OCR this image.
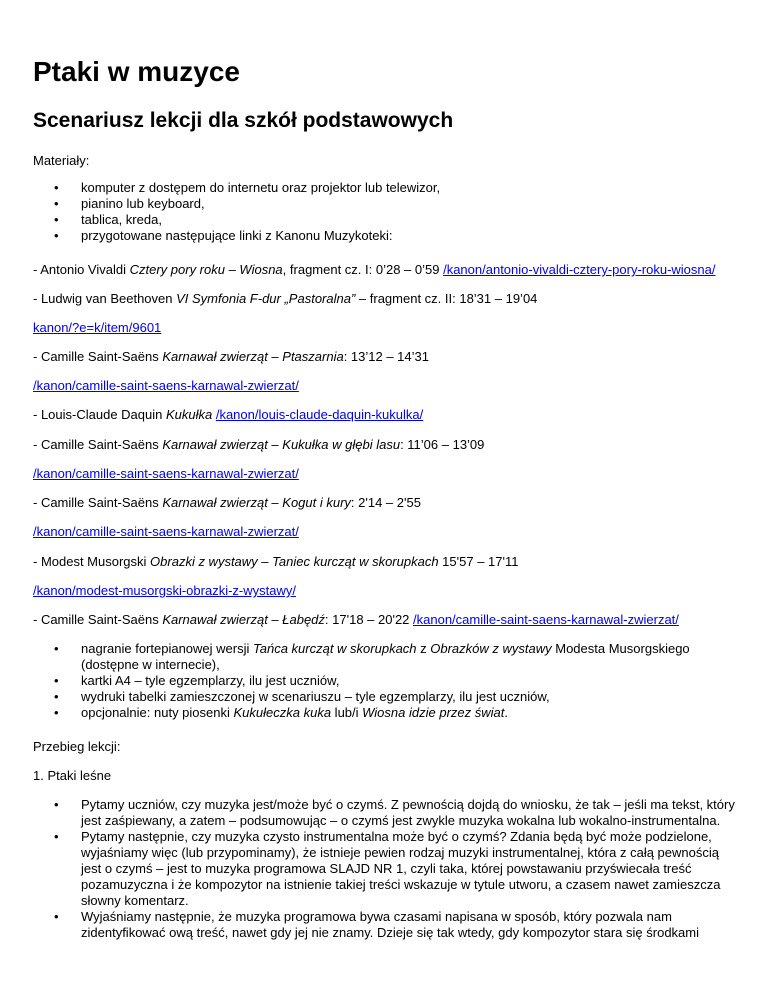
Ptaki w muzyce
Scenariusz lekcji dla szkół podstawowych

Materiały:

• komputer z dostępem do internetu oraz projektor lub telewizor,
• pianino lub keyboard,
• tablica, kreda,
• przygotowane następujące linki z Kanonu Muzykoteki:

- Antonio Vivaldi Cztery pory roku – Wiosna, fragment cz. I: 0’28 – 0’59 /kanon/antonio-vivaldi-cztery-pory-roku-wiosna/

- Ludwig van Beethoven VI Symfonia F-dur „Pastoralna” – fragment cz. II: 18’31 – 19’04

kanon/?e=k/item/9601

- Camille Saint-Saëns Karnawał zwierząt – Ptaszarnia: 13’12 – 14’31

/kanon/camille-saint-saens-karnawal-zwierzat/

- Louis-Claude Daquin Kukułka /kanon/louis-claude-daquin-kukulka/

- Camille Saint-Saëns Karnawał zwierząt – Kukułka w głębi lasu: 11’06 – 13’09

/kanon/camille-saint-saens-karnawal-zwierzat/

- Camille Saint-Saëns Karnawał zwierząt – Kogut i kury: 2'14 – 2'55

/kanon/camille-saint-saens-karnawal-zwierzat/

- Modest Musorgski Obrazki z wystawy – Taniec kurcząt w skorupkach 15'57 – 17'11

/kanon/modest-musorgski-obrazki-z-wystawy/

- Camille Saint-Saëns Karnawał zwierząt – Łabędź: 17'18 – 20'22 /kanon/camille-saint-saens-karnawal-zwierzat/

• nagranie fortepianowej wersji Tańca kurcząt w skorupkach z Obrazków z wystawy Modesta Musorgskiego (dostępne w internecie),
• kartki A4 – tyle egzemplarzy, ilu jest uczniów,
• wydruki tabelki zamieszczonej w scenariuszu – tyle egzemplarzy, ilu jest uczniów,
• opcjonalnie: nuty piosenki Kukułeczka kuka lub/i Wiosna idzie przez świat.

Przebieg lekcji:

1. Ptaki leśne

• Pytamy uczniów, czy muzyka jest/może być o czymś. Z pewnością dojdą do wniosku, że tak – jeśli ma tekst, który jest zaśpiewany, a zatem – podsumowując – o czymś jest zwykle muzyka wokalna lub wokalno-instrumentalna.
• Pytamy następnie, czy muzyka czysto instrumentalna może być o czymś? Zdania będą być może podzielone, wyjaśniamy więc (lub przypominamy), że istnieje pewien rodzaj muzyki instrumentalnej, która z całą pewnością jest o czymś – jest to muzyka programowa SLAJD NR 1, czyli taka, której powstawaniu przyświecała treść pozamuzyczna i że kompozytor na istnienie takiej treści wskazuje w tytule utworu, a czasem nawet zamieszcza słowny komentarz.
• Wyjaśniamy następnie, że muzyka programowa bywa czasami napisana w sposób, który pozwala nam zidentyfikować ową treść, nawet gdy jej nie znamy. Dzieje się tak wtedy, gdy kompozytor stara się środkami
